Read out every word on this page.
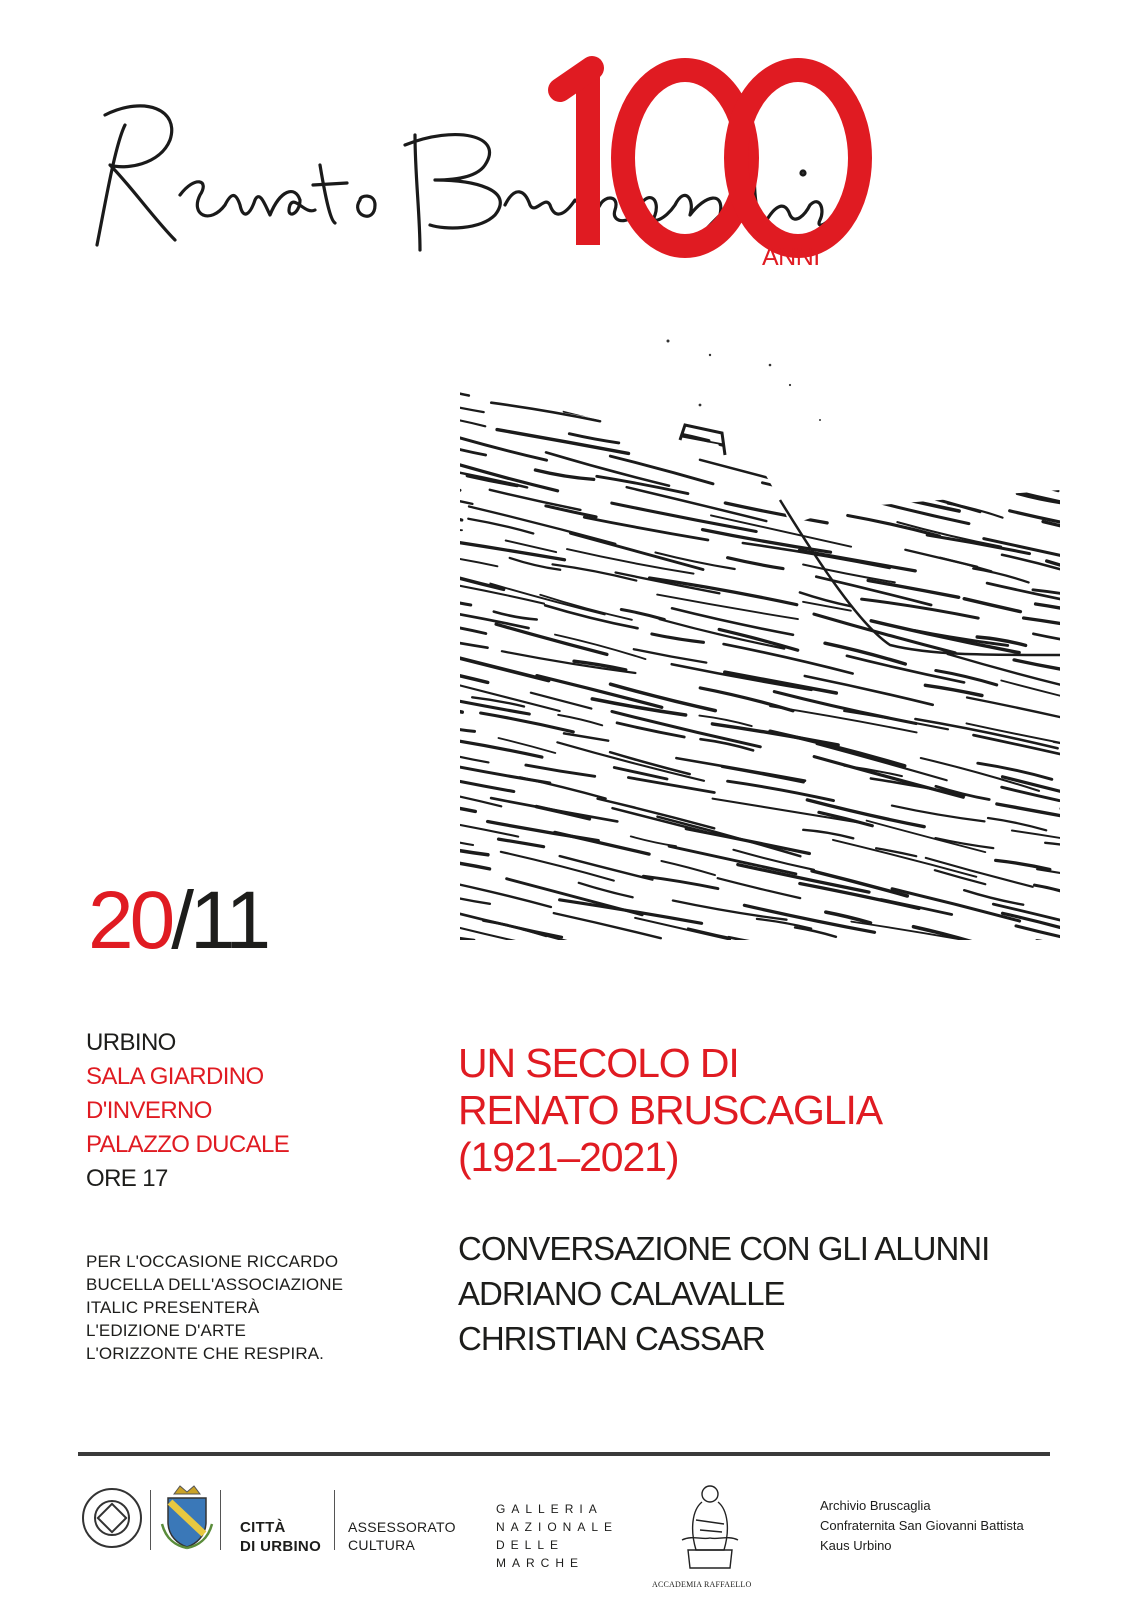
ANNI
20/11
URBINO
SALA GIARDINO
D'INVERNO
PALAZZO DUCALE
ORE 17
PER L'OCCASIONE RICCARDO
BUCELLA DELL'ASSOCIAZIONE
ITALIC PRESENTERÀ
L'EDIZIONE D'ARTE
L'ORIZZONTE CHE RESPIRA.
UN SECOLO DI
RENATO BRUSCAGLIA
(1921–2021)
CONVERSAZIONE CON GLI ALUNNI
ADRIANO CALAVALLE
CHRISTIAN CASSAR
CITTÀ
DI URBINO
ASSESSORATO
CULTURA
GALLERIA
NAZIONALE
DELLE
MARCHE
ACCADEMIA RAFFAELLO
Archivio Bruscaglia
Confraternita San Giovanni Battista
Kaus Urbino
